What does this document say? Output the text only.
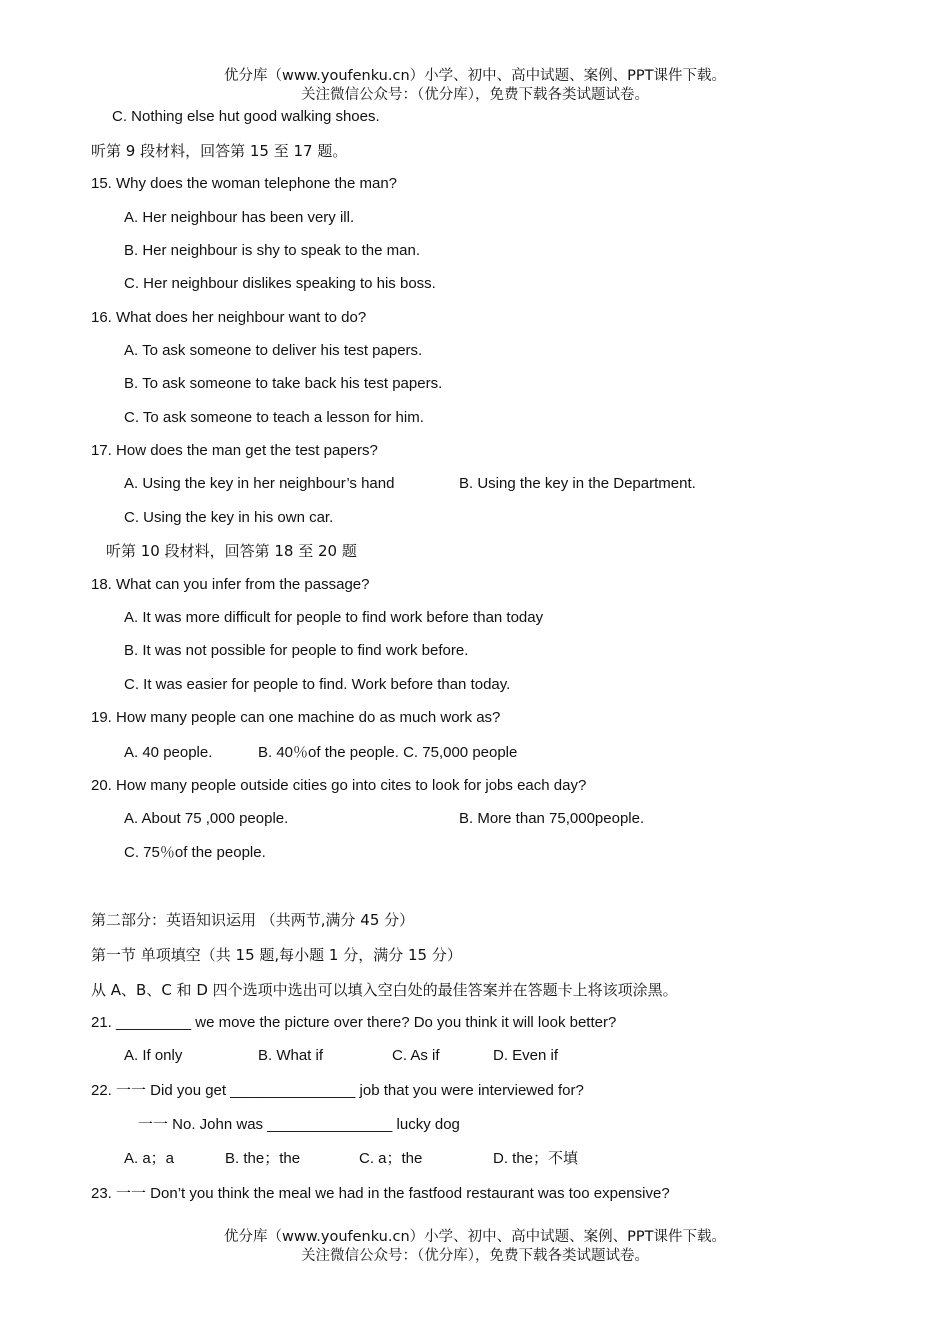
优分库（www.youfenku.cn）小学、初中、高中试题、案例、PPT课件下载。
关注微信公众号：（优分库），免费下载各类试题试卷。
C. Nothing else hut good walking shoes.
听第 9 段材料，回答第 15 至 17 题。
15. Why does the woman telephone the man?
A. Her neighbour has been very ill.
B. Her neighbour is shy to speak to the man.
C. Her neighbour dislikes speaking to his boss.
16. What does her neighbour want to do?
A. To ask someone to deliver his test papers.
B. To ask someone to take back his test papers.
C. To ask someone to teach a lesson for him.
17. How does the man get the test papers?
A. Using the key in her neighbour’s hand	B. Using the key in the Department.
C. Using the key in his own car.
听第 10 段材料，回答第 18 至 20 题
18. What can you infer from the passage?
A. It was more difficult for people to find work before than today
B. It was not possible for people to find work before.
C. It was easier for people to find. Work before than today.
19. How many people can one machine do as much work as?
A. 40 people.	B. 40％of the people. C. 75,000 people
20. How many people outside cities go into cites to look for jobs each day?
A. About 75 ,000 people.	B. More than 75,000people.
C. 75％of the people.
第二部分：英语知识运用 （共两节,满分 45 分）
第一节 单项填空（共 15 题,每小题 1 分，满分 15 分）
从 A、B、C 和 D 四个选项中选出可以填入空白处的最佳答案并在答题卡上将该项涂黑。
21. _________ we move the picture over there? Do you think it will look better?
A. If only	B. What if	C. As if	D. Even if
22. 一一 Did you get _______________ job that you were interviewed for?
一一 No. John was _______________ lucky dog
A. a；a	B. the；the	C. a；the	D. the；不填
23. 一一 Don’t you think the meal we had in the fastfood restaurant was too expensive?
优分库（www.youfenku.cn）小学、初中、高中试题、案例、PPT课件下载。
关注微信公众号：（优分库），免费下载各类试题试卷。
